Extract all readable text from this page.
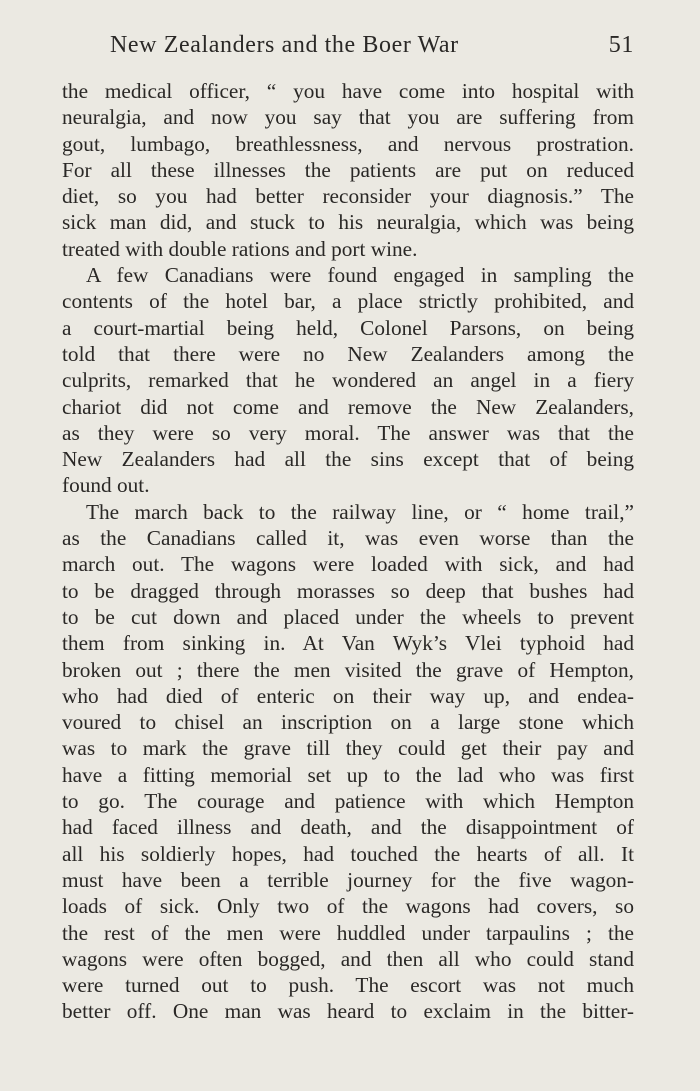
New Zealanders and the Boer War	51
the medical officer, “ you have come into hospital with
neuralgia, and now you say that you are suffering from
gout, lumbago, breathlessness, and nervous prostration.
For all these illnesses the patients are put on reduced
diet, so you had better reconsider your diagnosis.” The
sick man did, and stuck to his neuralgia, which was being
treated with double rations and port wine.
A few Canadians were found engaged in sampling the
contents of the hotel bar, a place strictly prohibited, and
a court-martial being held, Colonel Parsons, on being
told that there were no New Zealanders among the
culprits, remarked that he wondered an angel in a fiery
chariot did not come and remove the New Zealanders,
as they were so very moral. The answer was that the
New Zealanders had all the sins except that of being
found out.
The march back to the railway line, or “ home trail,”
as the Canadians called it, was even worse than the
march out. The wagons were loaded with sick, and had
to be dragged through morasses so deep that bushes had
to be cut down and placed under the wheels to prevent
them from sinking in. At Van Wyk’s Vlei typhoid had
broken out ; there the men visited the grave of Hempton,
who had died of enteric on their way up, and endea-
voured to chisel an inscription on a large stone which
was to mark the grave till they could get their pay and
have a fitting memorial set up to the lad who was first
to go. The courage and patience with which Hempton
had faced illness and death, and the disappointment of
all his soldierly hopes, had touched the hearts of all. It
must have been a terrible journey for the five wagon-
loads of sick. Only two of the wagons had covers, so
the rest of the men were huddled under tarpaulins ; the
wagons were often bogged, and then all who could stand
were turned out to push. The escort was not much
better off. One man was heard to exclaim in the bitter-
